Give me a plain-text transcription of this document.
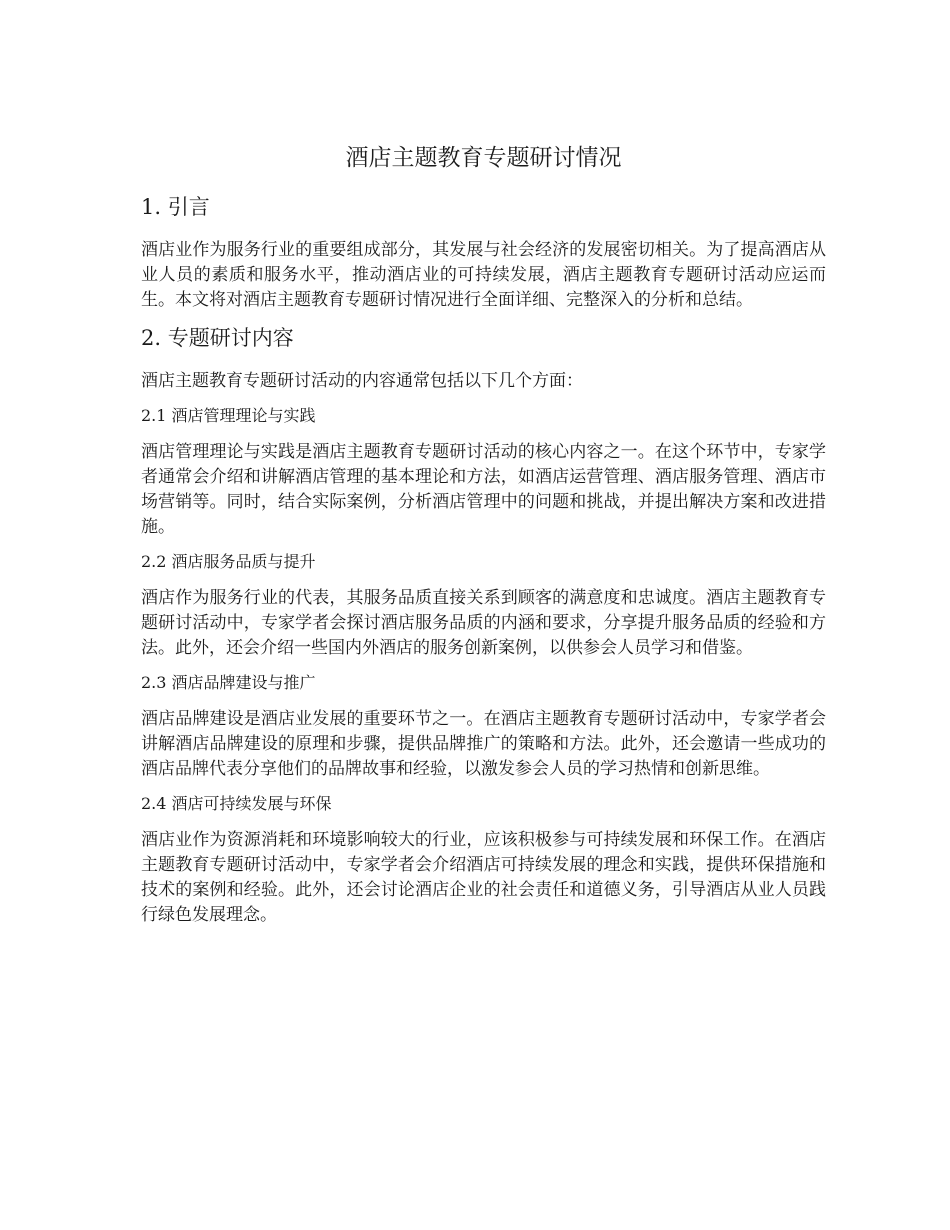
酒店主题教育专题研讨情况
1. 引言

酒店业作为服务行业的重要组成部分，其发展与社会经济的发展密切相关。为了提高酒店从业人员的素质和服务水平，推动酒店业的可持续发展，酒店主题教育专题研讨活动应运而生。本文将对酒店主题教育专题研讨情况进行全面详细、完整深入的分析和总结。

2. 专题研讨内容

酒店主题教育专题研讨活动的内容通常包括以下几个方面：

2.1 酒店管理理论与实践

酒店管理理论与实践是酒店主题教育专题研讨活动的核心内容之一。在这个环节中，专家学者通常会介绍和讲解酒店管理的基本理论和方法，如酒店运营管理、酒店服务管理、酒店市场营销等。同时，结合实际案例，分析酒店管理中的问题和挑战，并提出解决方案和改进措施。

2.2 酒店服务品质与提升

酒店作为服务行业的代表，其服务品质直接关系到顾客的满意度和忠诚度。酒店主题教育专题研讨活动中，专家学者会探讨酒店服务品质的内涵和要求，分享提升服务品质的经验和方法。此外，还会介绍一些国内外酒店的服务创新案例，以供参会人员学习和借鉴。

2.3 酒店品牌建设与推广

酒店品牌建设是酒店业发展的重要环节之一。在酒店主题教育专题研讨活动中，专家学者会讲解酒店品牌建设的原理和步骤，提供品牌推广的策略和方法。此外，还会邀请一些成功的酒店品牌代表分享他们的品牌故事和经验，以激发参会人员的学习热情和创新思维。

2.4 酒店可持续发展与环保

酒店业作为资源消耗和环境影响较大的行业，应该积极参与可持续发展和环保工作。在酒店主题教育专题研讨活动中，专家学者会介绍酒店可持续发展的理念和实践，提供环保措施和技术的案例和经验。此外，还会讨论酒店企业的社会责任和道德义务，引导酒店从业人员践行绿色发展理念。
